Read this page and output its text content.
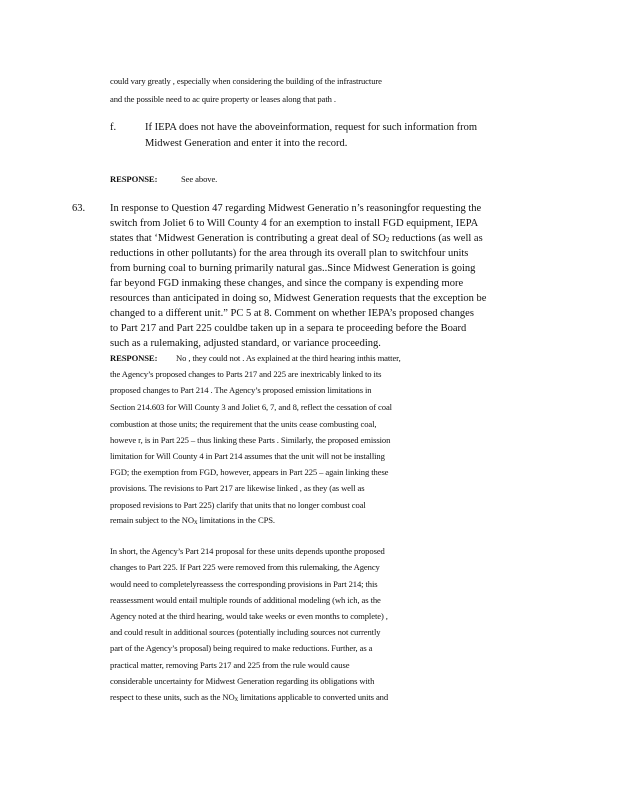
could vary greatly , especially when considering the building of the infrastructure
and the possible need to ac quire property or leases along that path .
f.	If IEPA does not have the aboveinformation, request for such information from
Midwest Generation and enter it into the record.
RESPONSE:	See above.
63. In response to Question 47 regarding Midwest Generatio n’s reasoningfor requesting the
switch from Joliet 6 to Will County 4 for an exemption to install FGD equipment, IEPA
states that ‘Midwest Generation is contributing a great deal of SO2 reductions (as well as
reductions in other pollutants) for the area through its overall plan to switchfour units
from burning coal to burning primarily natural gas..Since Midwest Generation is going
far beyond FGD inmaking these changes, and since the company is expending more
resources than anticipated in doing so, Midwest Generation requests that the exception be
changed to a different unit.” PC 5 at 8. Comment on whether IEPA’s proposed changes
to Part 217 and Part 225 couldbe taken up in a separa te proceeding before the Board
such as a rulemaking, adjusted standard, or variance proceeding.
RESPONSE: No , they could not . As explained at the third hearing inthis matter,
the Agency’s proposed changes to Parts 217 and 225 are inextricably linked to its
proposed changes to Part 214 . The Agency’s proposed emission limitations in
Section 214.603 for Will County 3 and Joliet 6, 7, and 8, reflect the cessation of coal
combustion at those units; the requirement that the units cease combusting coal,
howeve r, is in Part 225 – thus linking these Parts . Similarly, the proposed emission
limitation for Will County 4 in Part 214 assumes that the unit will not be installing
FGD; the exemption from FGD, however, appears in Part 225 – again linking these
provisions. The revisions to Part 217 are likewise linked , as they (as well as
proposed revisions to Part 225) clarify that units that no longer combust coal
remain subject to the NOx limitations in the CPS.
In short, the Agency’s Part 214 proposal for these units depends uponthe proposed
changes to Part 225. If Part 225 were removed from this rulemaking, the Agency
would need to completelyreassess the corresponding provisions in Part 214; this
reassessment would entail multiple rounds of additional modeling (wh ich, as the
Agency noted at the third hearing, would take weeks or even months to complete) ,
and could result in additional sources (potentially including sources not currently
part of the Agency’s proposal) being required to make reductions. Further, as a
practical matter, removing Parts 217 and 225 from the rule would cause
considerable uncertainty for Midwest Generation regarding its obligations with
respect to these units, such as the NOx limitations applicable to converted units and
